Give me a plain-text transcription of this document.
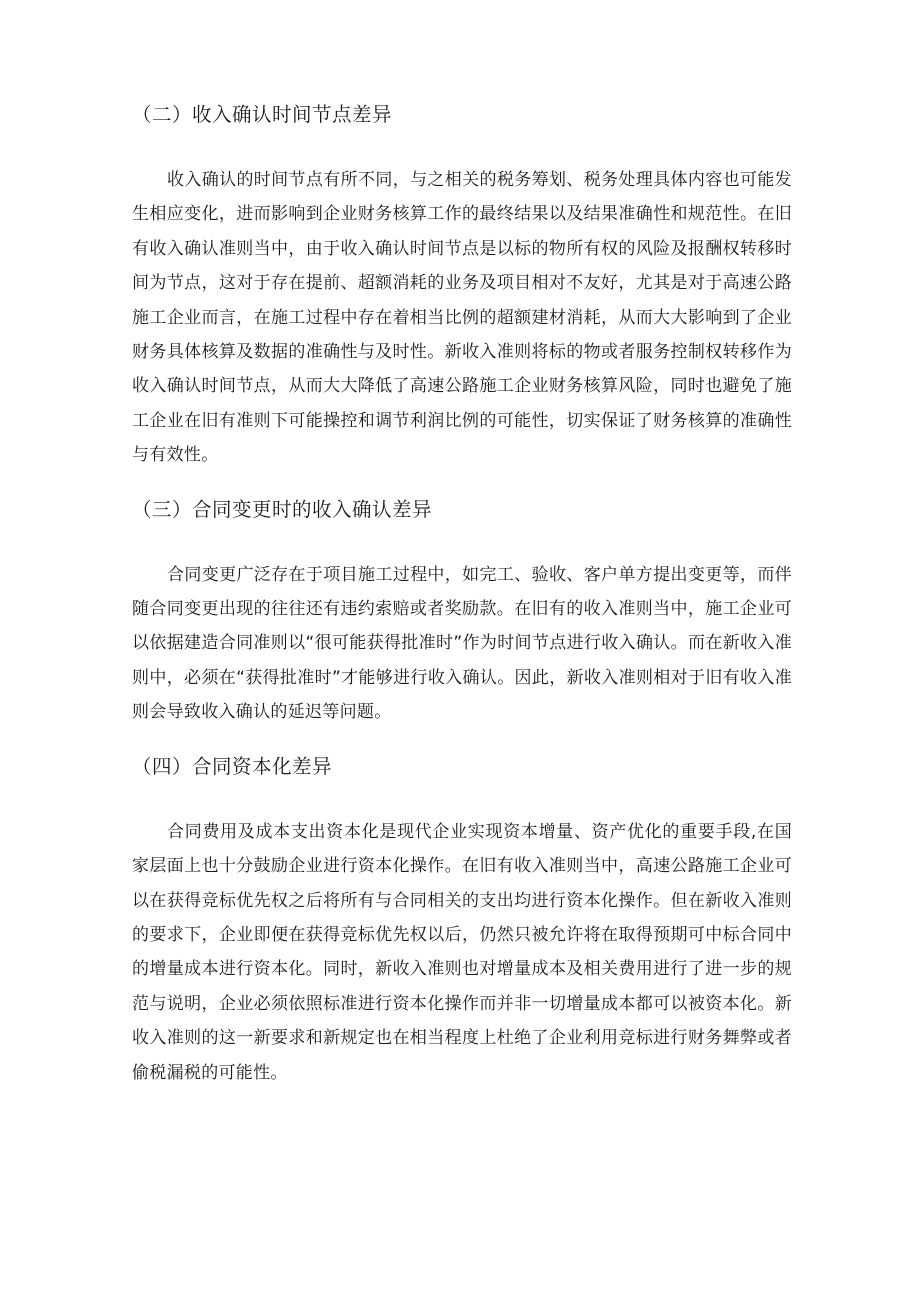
（二）收入确认时间节点差异

收入确认的时间节点有所不同，与之相关的税务筹划、税务处理具体内容也可能发生相应变化，进而影响到企业财务核算工作的最终结果以及结果准确性和规范性。在旧有收入确认准则当中，由于收入确认时间节点是以标的物所有权的风险及报酬权转移时间为节点，这对于存在提前、超额消耗的业务及项目相对不友好，尤其是对于高速公路施工企业而言，在施工过程中存在着相当比例的超额建材消耗，从而大大影响到了企业财务具体核算及数据的准确性与及时性。新收入准则将标的物或者服务控制权转移作为收入确认时间节点，从而大大降低了高速公路施工企业财务核算风险，同时也避免了施工企业在旧有准则下可能操控和调节利润比例的可能性，切实保证了财务核算的准确性与有效性。

（三）合同变更时的收入确认差异

合同变更广泛存在于项目施工过程中，如完工、验收、客户单方提出变更等，而伴随合同变更出现的往往还有违约索赔或者奖励款。在旧有的收入准则当中，施工企业可以依据建造合同准则以“很可能获得批准时”作为时间节点进行收入确认。而在新收入准则中，必须在“获得批准时”才能够进行收入确认。因此，新收入准则相对于旧有收入准则会导致收入确认的延迟等问题。

（四）合同资本化差异

合同费用及成本支出资本化是现代企业实现资本增量、资产优化的重要手段,在国家层面上也十分鼓励企业进行资本化操作。在旧有收入准则当中，高速公路施工企业可以在获得竞标优先权之后将所有与合同相关的支出均进行资本化操作。但在新收入准则的要求下，企业即便在获得竞标优先权以后，仍然只被允许将在取得预期可中标合同中的增量成本进行资本化。同时，新收入准则也对增量成本及相关费用进行了进一步的规范与说明，企业必须依照标准进行资本化操作而并非一切增量成本都可以被资本化。新收入准则的这一新要求和新规定也在相当程度上杜绝了企业利用竞标进行财务舞弊或者偷税漏税的可能性。
